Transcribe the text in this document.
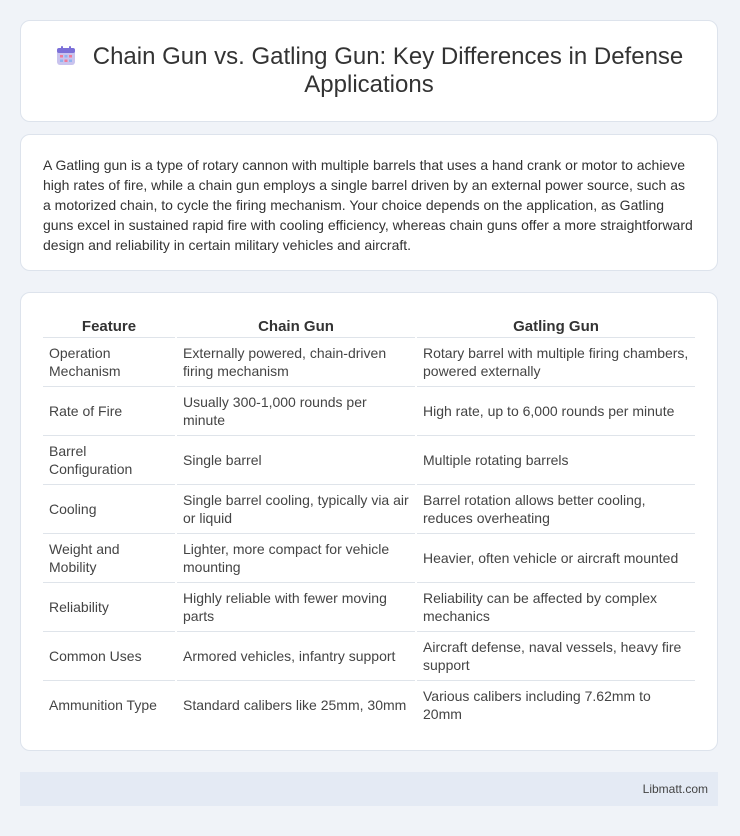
Chain Gun vs. Gatling Gun: Key Differences in Defense Applications

A Gatling gun is a type of rotary cannon with multiple barrels that uses a hand crank or motor to achieve high rates of fire, while a chain gun employs a single barrel driven by an external power source, such as a motorized chain, to cycle the firing mechanism. Your choice depends on the application, as Gatling guns excel in sustained rapid fire with cooling efficiency, whereas chain guns offer a more straightforward design and reliability in certain military vehicles and aircraft.

Feature	Chain Gun	Gatling Gun
Operation Mechanism	Externally powered, chain-driven firing mechanism	Rotary barrel with multiple firing chambers, powered externally
Rate of Fire	Usually 300-1,000 rounds per minute	High rate, up to 6,000 rounds per minute
Barrel Configuration	Single barrel	Multiple rotating barrels
Cooling	Single barrel cooling, typically via air or liquid	Barrel rotation allows better cooling, reduces overheating
Weight and Mobility	Lighter, more compact for vehicle mounting	Heavier, often vehicle or aircraft mounted
Reliability	Highly reliable with fewer moving parts	Reliability can be affected by complex mechanics
Common Uses	Armored vehicles, infantry support	Aircraft defense, naval vessels, heavy fire support
Ammunition Type	Standard calibers like 25mm, 30mm	Various calibers including 7.62mm to 20mm
Libmatt.com
